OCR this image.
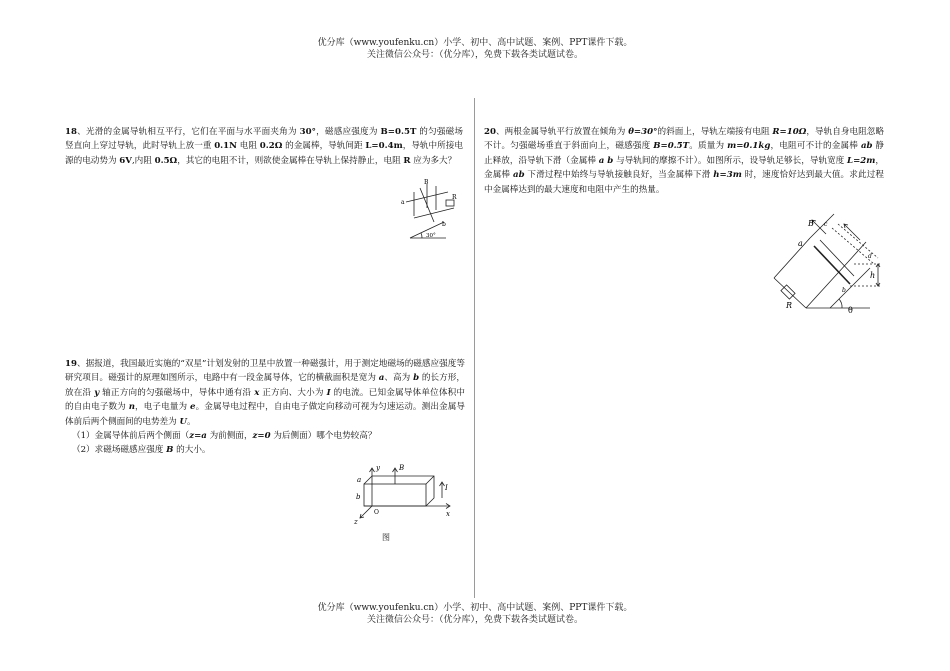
优分库（www.youfenku.cn）小学、初中、高中试题、案例、PPT课件下载。
关注微信公众号：（优分库），免费下载各类试题试卷。

18、光滑的金属导轨相互平行，它们在平面与水平面夹角为 30°，磁感应强度为 B=0.5T 的匀强磁场竖直向上穿过导轨，此时导轨上放一重 0.1N 电阻 0.2Ω 的金属棒，导轨间距 L=0.4m，导轨中所接电源的电动势为 6V,内阻 0.5Ω，其它的电阻不计，则欲使金属棒在导轨上保持静止，电阻 R 应为多大？

B
a
b
R
30°

19、据报道，我国最近实施的“双星”计划发射的卫星中放置一种磁强计，用于测定地磁场的磁感应强度等研究项目。磁强计的原理如图所示，电路中有一段金属导体，它的横截面积是宽为 a、高为 b 的长方形，放在沿 y 轴正方向的匀强磁场中，导体中通有沿 x 正方向、大小为 I 的电流。已知金属导体单位体积中的自由电子数为 n，电子电量为 e。金属导电过程中，自由电子做定向移动可视为匀速运动。测出金属导体前后两个侧面间的电势差为 U。

（1）金属导体前后两个侧面（z=a 为前侧面，z=0 为后侧面）哪个电势较高？

（2）求磁场磁感应强度 B 的大小。

y	B
a
b
I
x
z
O
图

20、两根金属导轨平行放置在倾角为 θ=30°的斜面上，导轨左端接有电阻 R=10Ω，导轨自身电阻忽略不计。匀强磁场垂直于斜面向上，磁感强度 B=0.5T。质量为 m=0.1kg，电阻可不计的金属棒 ab 静止释放，沿导轨下滑（金属棒 a b 与导轨间的摩擦不计）。如图所示，设导轨足够长，导轨宽度 L=2m，金属棒 ab 下滑过程中始终与导轨接触良好，当金属棒下滑 h=3m 时，速度恰好达到最大值。求此过程中金属棒达到的最大速度和电阻中产生的热量。

B c
a
d
h
b
R
θ
优分库（www.youfenku.cn）小学、初中、高中试题、案例、PPT课件下载。
关注微信公众号：（优分库），免费下载各类试题试卷。
